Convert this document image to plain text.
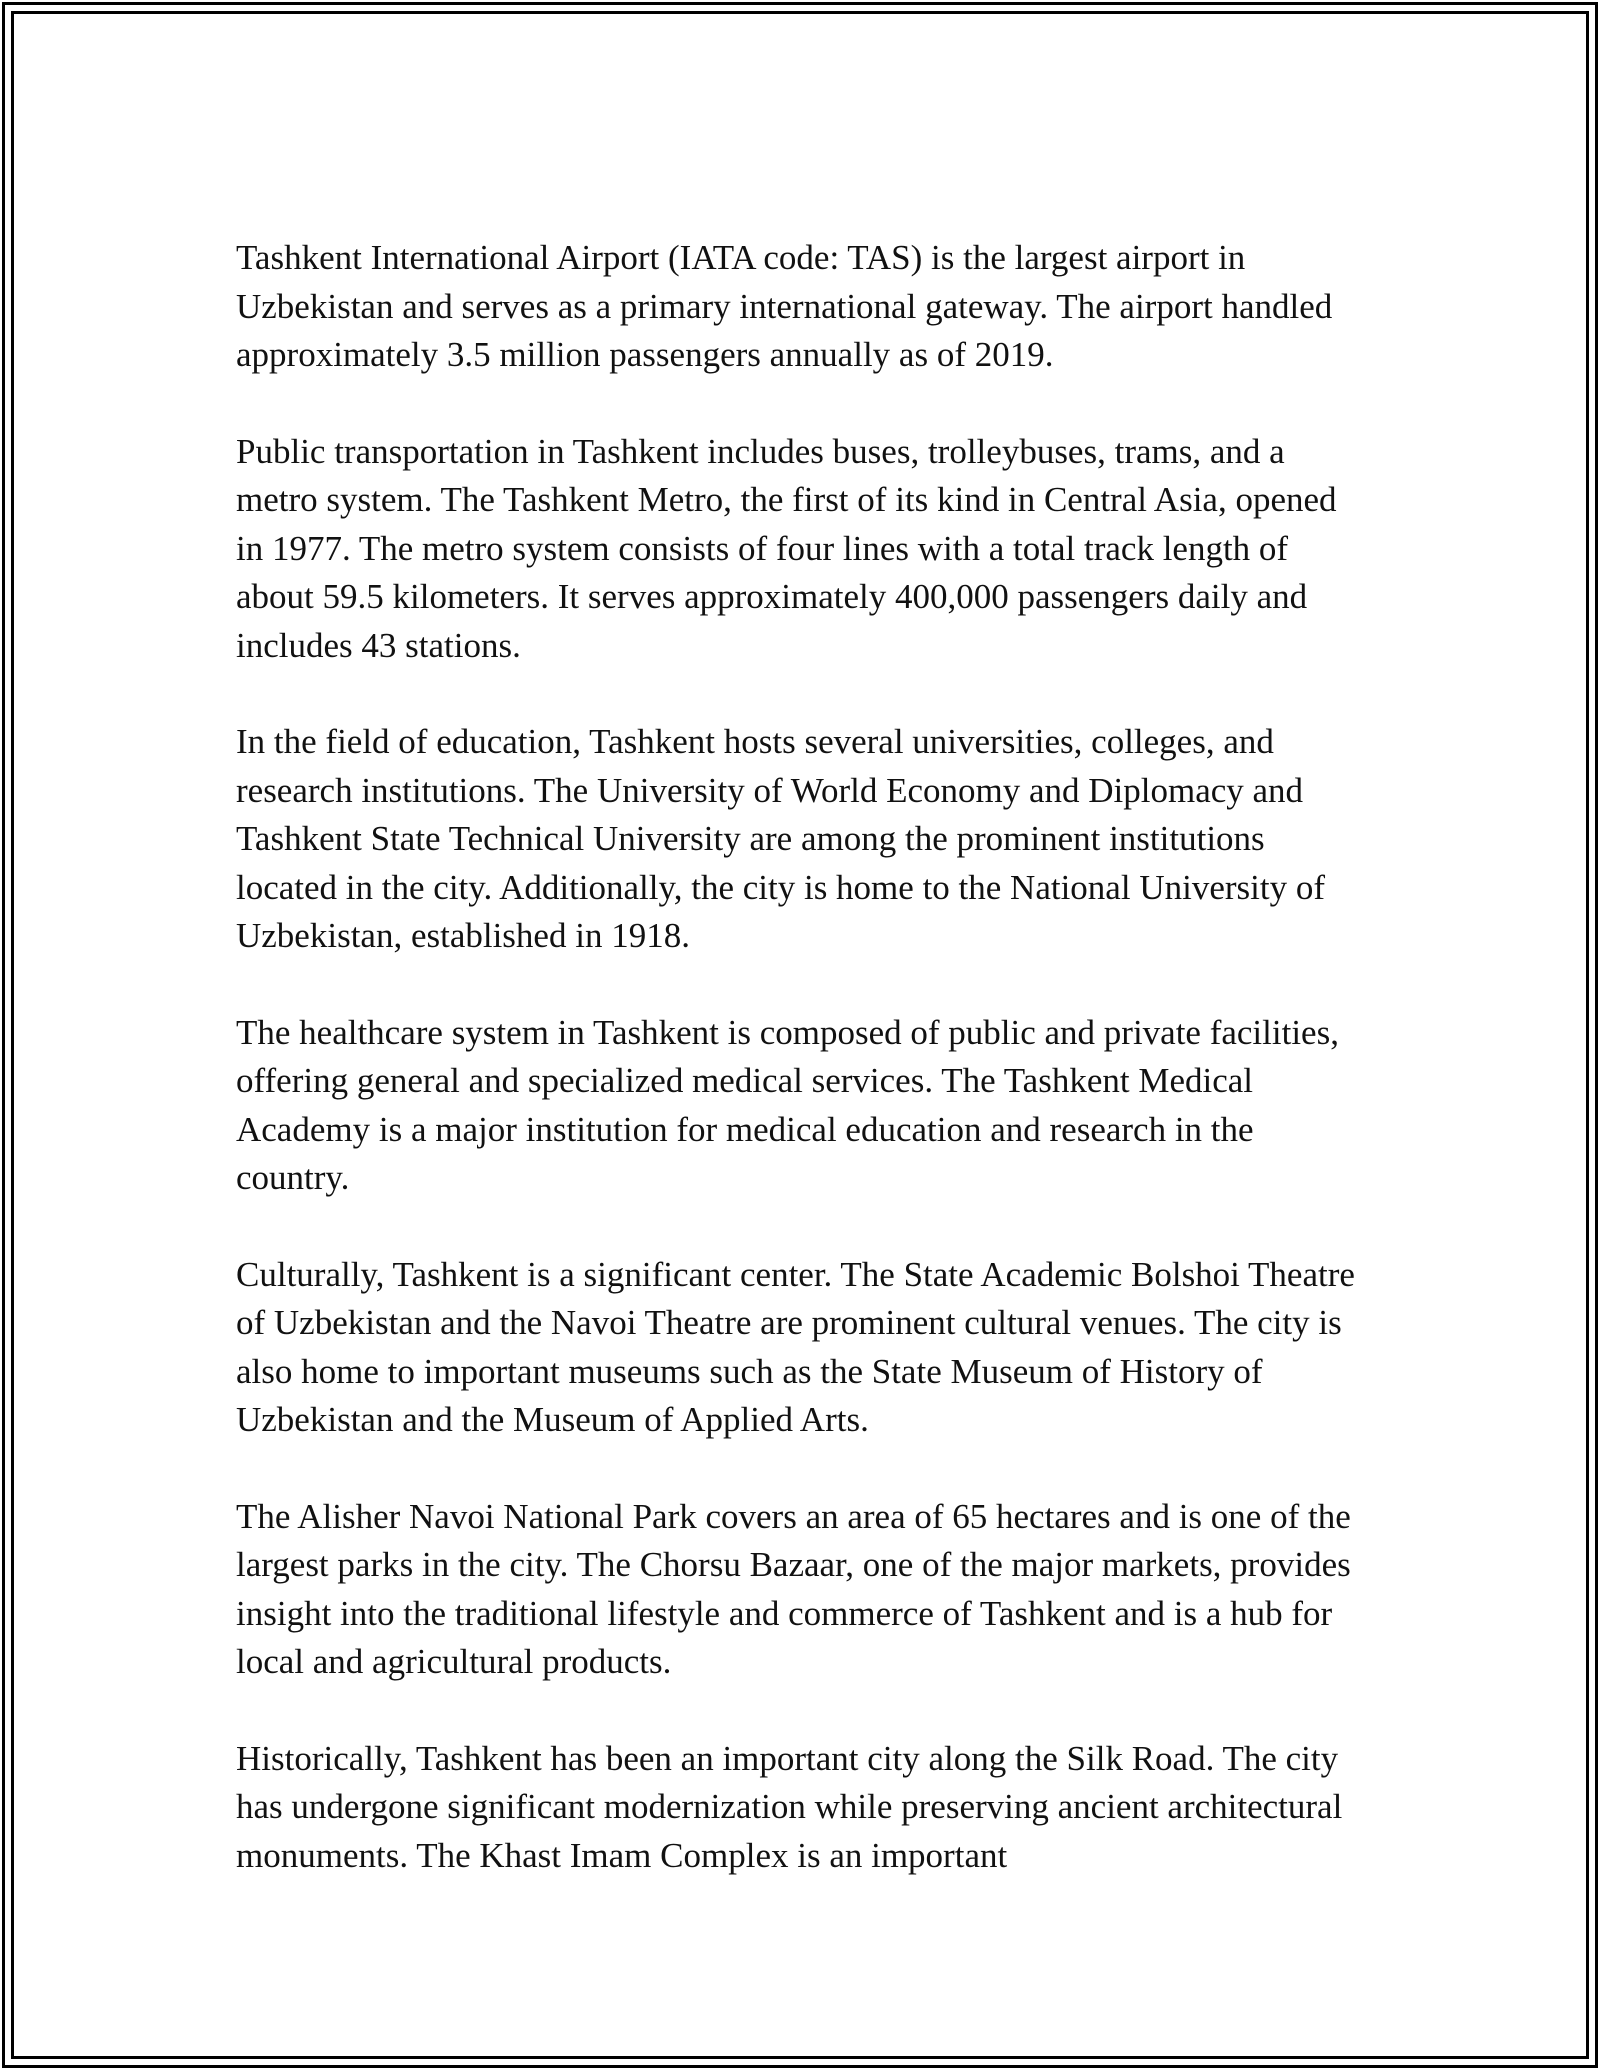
Tashkent International Airport (IATA code: TAS) is the largest airport in Uzbekistan and serves as a primary international gateway. The airport handled approximately 3.5 million passengers annually as of 2019.

Public transportation in Tashkent includes buses, trolleybuses, trams, and a metro system. The Tashkent Metro, the first of its kind in Central Asia, opened in 1977. The metro system consists of four lines with a total track length of about 59.5 kilometers. It serves approximately 400,000 passengers daily and includes 43 stations.

In the field of education, Tashkent hosts several universities, colleges, and research institutions. The University of World Economy and Diplomacy and Tashkent State Technical University are among the prominent institutions located in the city. Additionally, the city is home to the National University of Uzbekistan, established in 1918.

The healthcare system in Tashkent is composed of public and private facilities, offering general and specialized medical services. The Tashkent Medical Academy is a major institution for medical education and research in the country.

Culturally, Tashkent is a significant center. The State Academic Bolshoi Theatre of Uzbekistan and the Navoi Theatre are prominent cultural venues. The city is also home to important museums such as the State Museum of History of Uzbekistan and the Museum of Applied Arts.

The Alisher Navoi National Park covers an area of 65 hectares and is one of the largest parks in the city. The Chorsu Bazaar, one of the major markets, provides insight into the traditional lifestyle and commerce of Tashkent and is a hub for local and agricultural products.

Historically, Tashkent has been an important city along the Silk Road. The city has undergone significant modernization while preserving ancient architectural monuments. The Khast Imam Complex is an important
